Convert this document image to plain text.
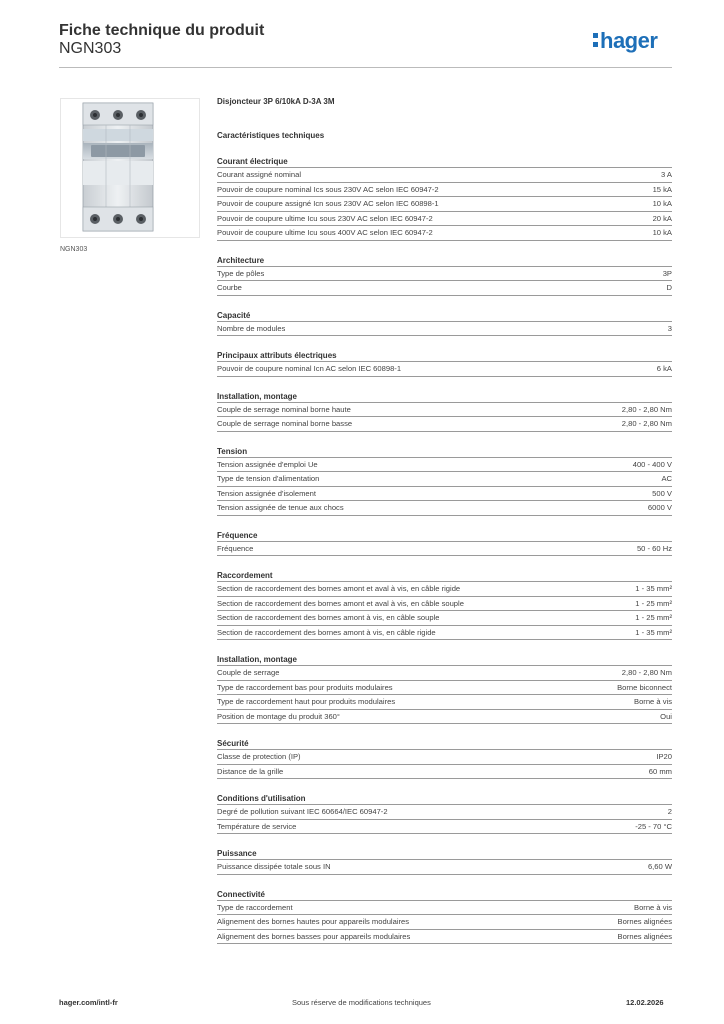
Fiche technique du produit
NGN303	hager
NGN303
Disjoncteur 3P 6/10kA D-3A 3M
Caractéristiques techniques
Courant électrique
Courant assigné nominal	3 A
Pouvoir de coupure nominal Ics sous 230V AC selon IEC 60947-2	15 kA
Pouvoir de coupure assigné Icn sous 230V AC selon IEC 60898-1	10 kA
Pouvoir de coupure ultime Icu sous 230V AC selon IEC 60947-2	20 kA
Pouvoir de coupure ultime Icu sous 400V AC selon IEC 60947-2	10 kA
Architecture
Type de pôles	3P
Courbe	D
Capacité
Nombre de modules	3
Principaux attributs électriques
Pouvoir de coupure nominal Icn AC selon IEC 60898-1	6 kA
Installation, montage
Couple de serrage nominal borne haute	2,80 - 2,80 Nm
Couple de serrage nominal borne basse	2,80 - 2,80 Nm
Tension
Tension assignée d'emploi Ue	400 - 400 V
Type de tension d'alimentation	AC
Tension assignée d'isolement	500 V
Tension assignée de tenue aux chocs	6000 V
Fréquence
Fréquence	50 - 60 Hz
Raccordement
Section de raccordement des bornes amont et aval à vis, en câble rigide	1 - 35 mm²
Section de raccordement des bornes amont et aval à vis, en câble souple	1 - 25 mm²
Section de raccordement des bornes amont à vis, en câble souple	1 - 25 mm²
Section de raccordement des bornes amont à vis, en câble rigide	1 - 35 mm²
Installation, montage
Couple de serrage	2,80 - 2,80 Nm
Type de raccordement bas pour produits modulaires	Borne biconnect
Type de raccordement haut pour produits modulaires	Borne à vis
Position de montage du produit 360°	Oui
Sécurité
Classe de protection (IP)	IP20
Distance de la grille	60 mm
Conditions d'utilisation
Degré de pollution suivant IEC 60664/IEC 60947-2	2
Température de service	-25 - 70 °C
Puissance
Puissance dissipée totale sous IN	6,60 W
Connectivité
Type de raccordement	Borne à vis
Alignement des bornes hautes pour appareils modulaires	Bornes alignées
Alignement des bornes basses pour appareils modulaires	Bornes alignées
hager.com/intl-fr	Sous réserve de modifications techniques	12.02.2026
